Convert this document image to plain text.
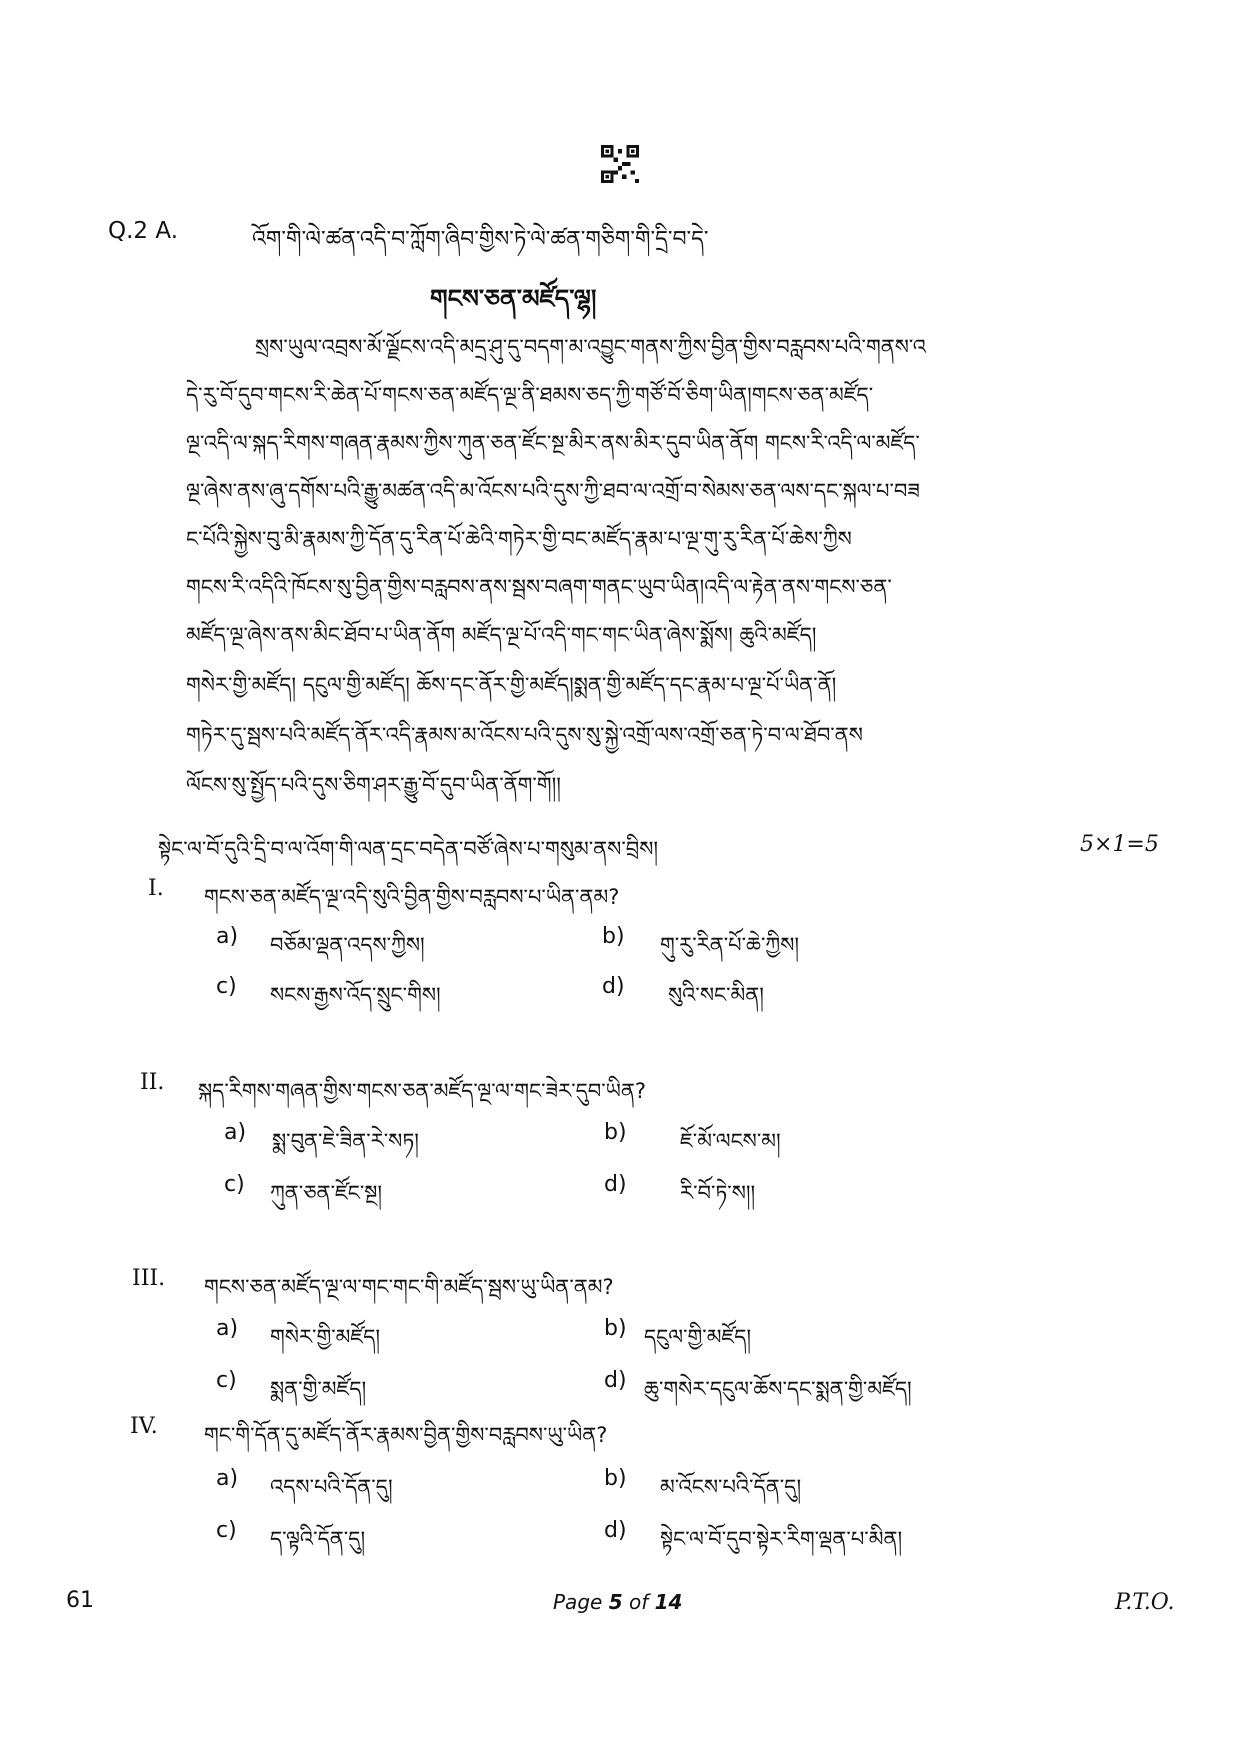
Q.2 A.	འོག་གི་ལེ་ཚན་འདི་བ་ཀློག་ཞིབ་གྱིས་ཏེ་ལེ་ཚན་གཅིག་གི་དྲི་བ་དེ་
གངས་ཅན་མཛོད་ལྷ།
སྲས་ཡུལ་འབྲས་མོ་ལྗོངས་འདི་མདྲ་ཤུ་དུ་བདག་མ་འབྱུང་གནས་ཀྱིས་བྱིན་གྱིས་བརླབས་པའི་གནས་འ
དེ་རུ་བོ་དུབ་གངས་རི་ཆེན་པོ་གངས་ཅན་མཛོད་ལྔ་ནི་ཐམས་ཅད་ཀྱི་གཙོ་བོ་ཅིག་ཡིན།གངས་ཅན་མཛོད་
ལྔ་འདི་ལ་སྐད་རིགས་གཞན་རྣམས་ཀྱིས་ཀུན་ཅན་ཛོང་སྔ་མིར་ནས་མིར་དུབ་ཡིན་ནོག གངས་རི་འདི་ལ་མཛོད་
ལྔ་ཞེས་ནས་ཞུ་དགོས་པའི་རྒྱུ་མཚན་འདི་མ་འོངས་པའི་དུས་ཀྱི་ཐབ་ལ་འགྲོ་བ་སེམས་ཅན་ལས་དང་སྐལ་པ་བཟ
ང་པོའི་སྐྱེས་བུ་མི་རྣམས་ཀྱི་དོན་དུ་རིན་པོ་ཆེའི་གཏེར་གྱི་བང་མཛོད་རྣམ་པ་ལྔ་གུ་རུ་རིན་པོ་ཆེས་ཀྱིས
གངས་རི་འདིའི་ཁོངས་སུ་བྱིན་གྱིས་བརླབས་ནས་སྦས་བཞག་གནང་ཡུབ་ཡིན།འདི་ལ་རྟེན་ནས་གངས་ཅན་
མཛོད་ལྔ་ཞེས་ནས་མིང་ཐོབ་པ་ཡིན་ནོག མཛོད་ལྔ་པོ་འདི་གང་གང་ཡིན་ཞེས་སྨོས། ཆུའི་མཛོད།
གསེར་གྱི་མཛོད། དངུལ་གྱི་མཛོད། ཆོས་དང་ནོར་གྱི་མཛོད།སྨན་གྱི་མཛོད་དང་རྣམ་པ་ལྔ་པོ་ཡིན་ནོ།
གཏེར་དུ་སྦས་པའི་མཛོད་ནོར་འདི་རྣམས་མ་འོངས་པའི་དུས་སུ་སྐྱེ་འགྲོ་ལས་འགྲོ་ཅན་ཏེ་བ་ལ་ཐོབ་ནས
ལོངས་སུ་སྤྱོད་པའི་དུས་ཅིག་ཤར་རྒྱུ་བོ་དུབ་ཡིན་ནོག་གོ།།
སྟེང་ལ་བོ་དུའི་དྲི་བ་ལ་འོག་གི་ལན་དྲང་བདེན་བཙོ་ཞེས་པ་གསུམ་ནས་བྲིས།	5×1=5
I. གངས་ཅན་མཛོད་ལྔ་འདི་སུའི་བྱིན་གྱིས་བརླབས་པ་ཡིན་ནམ?
a) བཅོམ་ལྡན་འདས་ཀྱིས།	b) གུ་རུ་རིན་པོ་ཆེ་ཀྱིས།
c) སངས་རྒྱས་འོད་སྲུང་གིས།	d) སུའི་སང་མིན།
II. སྐད་རིགས་གཞན་གྱིས་གངས་ཅན་མཛོད་ལྔ་ལ་གང་ཟེར་དུབ་ཡིན?
a) སྨ་བུན་ཇེ་ཟིན་རེ་སཏ།	b)	ཇོ་མོ་ལངས་མ།
c) ཀུན་ཅན་ཛོང་སྔ།	d)	རི་བོ་ཏེ་ས།།
III. གངས་ཅན་མཛོད་ལྔ་ལ་གང་གང་གི་མཛོད་སྦས་ཡུ་ཡིན་ནམ?
a) གསེར་གྱི་མཛོད།	b) དངུལ་གྱི་མཛོད།
c) སྨན་གྱི་མཛོད།	d) ཆུ་གསེར་དངུལ་ཆོས་དང་སྨན་གྱི་མཛོད།
IV. གང་གི་དོན་དུ་མཛོད་ནོར་རྣམས་བྱིན་གྱིས་བརླབས་ཡུ་ཡིན?
a) འདས་པའི་དོན་དུ།	b) མ་འོངས་པའི་དོན་དུ།
c) ད་ལྟའི་དོན་དུ།	d) སྟེང་ལ་བོ་དུབ་སྟེར་རིག་ལྡན་པ་མིན།
61	Page 5 of 14	P.T.O.
